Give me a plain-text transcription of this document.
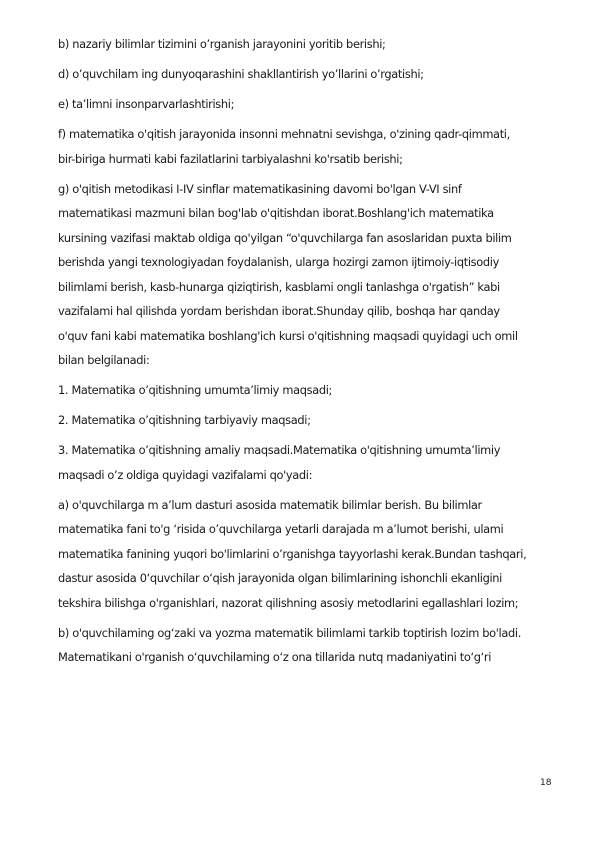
b) nazariy bilimlar tizimini o’rganish jarayonini yoritib berishi;

d) o’quvchilam ing dunyoqarashini shakllantirish yo’llarini o’rgatishi;

e) ta’limni insonparvarlashtirishi;

f) matematika o'qitish jarayonida insonni mehnatni sevishga, o'zining qadr-qimmati,
bir-biriga hurmati kabi fazilatlarini tarbiyalashni ko'rsatib berishi;

g) o'qitish metodikasi I-IV sinflar matematikasining davomi bo'lgan V-VI sinf
matematikasi mazmuni bilan bog'lab o'qitishdan iborat.Boshlang'ich matematika
kursining vazifasi maktab oldiga qo'yilgan “o'quvchilarga fan asoslaridan puxta bilim
berishda yangi texnologiyadan foydalanish, ularga hozirgi zamon ijtimoiy-iqtisodiy
bilimlami berish, kasb-hunarga qiziqtirish, kasblami ongli tanlashga o'rgatish” kabi
vazifalami hal qilishda yordam berishdan iborat.Shunday qilib, boshqa har qanday
o'quv fani kabi matematika boshlang'ich kursi o'qitishning maqsadi quyidagi uch omil
bilan belgilanadi:

1. Matematika o’qitishning umumta’limiy maqsadi;

2. Matematika o’qitishning tarbiyaviy maqsadi;

3. Matematika o’qitishning amaliy maqsadi.Matematika o'qitishning umumta’limiy
maqsadi o’z oldiga quyidagi vazifalami qo'yadi:

a) o'quvchilarga m a’lum dasturi asosida matematik bilimlar berish. Bu bilimlar
matematika fani to'g ‘risida o’quvchilarga yetarli darajada m a’lumot berishi, ulami
matematika fanining yuqori bo'limlarini o’rganishga tayyorlashi kerak.Bundan tashqari,
dastur asosida 0‘quvchilar o‘qish jarayonida olgan bilimlarining ishonchli ekanligini
tekshira bilishga o'rganishlari, nazorat qilishning asosiy metodlarini egallashlari lozim;

b) o'quvchilaming og‘zaki va yozma matematik bilimlami tarkib toptirish lozim bo'ladi.
Matematikani o'rganish o‘quvchilaming o‘z ona tillarida nutq madaniyatini to‘g‘ri

18
